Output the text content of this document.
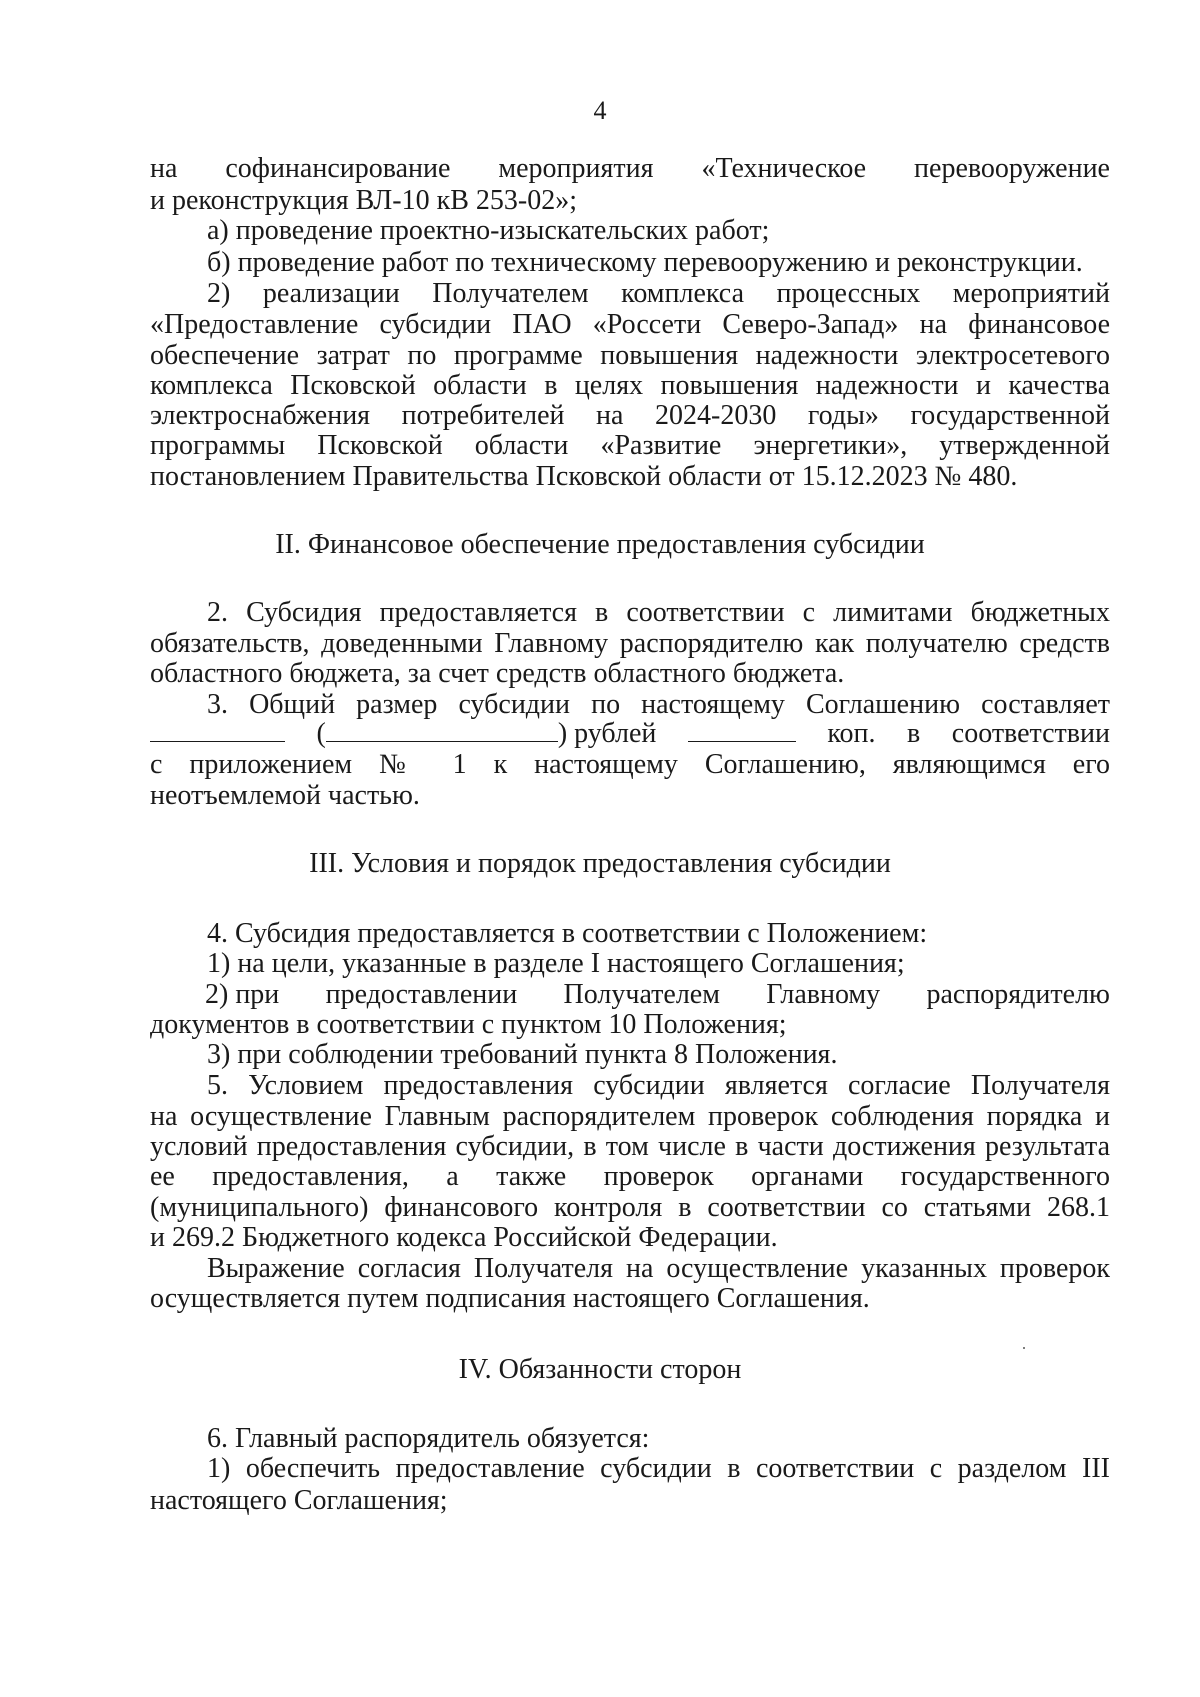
4
на софинансирование мероприятия «Техническое перевооружение
и реконструкция ВЛ-10 кВ 253-02»;
а) проведение проектно-изыскательских работ;
б) проведение работ по техническому перевооружению и реконструкции.
2) реализации Получателем комплекса процессных мероприятий
«Предоставление субсидии ПАО «Россети Северо-Запад» на финансовое
обеспечение затрат по программе повышения надежности электросетевого
комплекса Псковской области в целях повышения надежности и качества
электроснабжения потребителей на 2024-2030 годы» государственной
программы Псковской области «Развитие энергетики», утвержденной
постановлением Правительства Псковской области от 15.12.2023 № 480.
II. Финансовое обеспечение предоставления субсидии
2. Субсидия предоставляется в соответствии с лимитами бюджетных
обязательств, доведенными Главному распорядителю как получателю средств
областного бюджета, за счет средств областного бюджета.
3. Общий размер субсидии по настоящему Соглашению составляет
(	) рублей	коп. в соответствии
с приложением № 1 к настоящему Соглашению, являющимся его
неотъемлемой частью.
III. Условия и порядок предоставления субсидии
4. Субсидия предоставляется в соответствии с Положением:
1) на цели, указанные в разделе I настоящего Соглашения;
2) при предоставлении Получателем Главному распорядителю
документов в соответствии с пунктом 10 Положения;
3) при соблюдении требований пункта 8 Положения.
5. Условием предоставления субсидии является согласие Получателя
на осуществление Главным распорядителем проверок соблюдения порядка и
условий предоставления субсидии, в том числе в части достижения результата
ее предоставления, а также проверок органами государственного
(муниципального) финансового контроля в соответствии со статьями 268.1
и 269.2 Бюджетного кодекса Российской Федерации.
Выражение согласия Получателя на осуществление указанных проверок
осуществляется путем подписания настоящего Соглашения.
IV. Обязанности сторон
6. Главный распорядитель обязуется:
1) обеспечить предоставление субсидии в соответствии с разделом III
настоящего Соглашения;
